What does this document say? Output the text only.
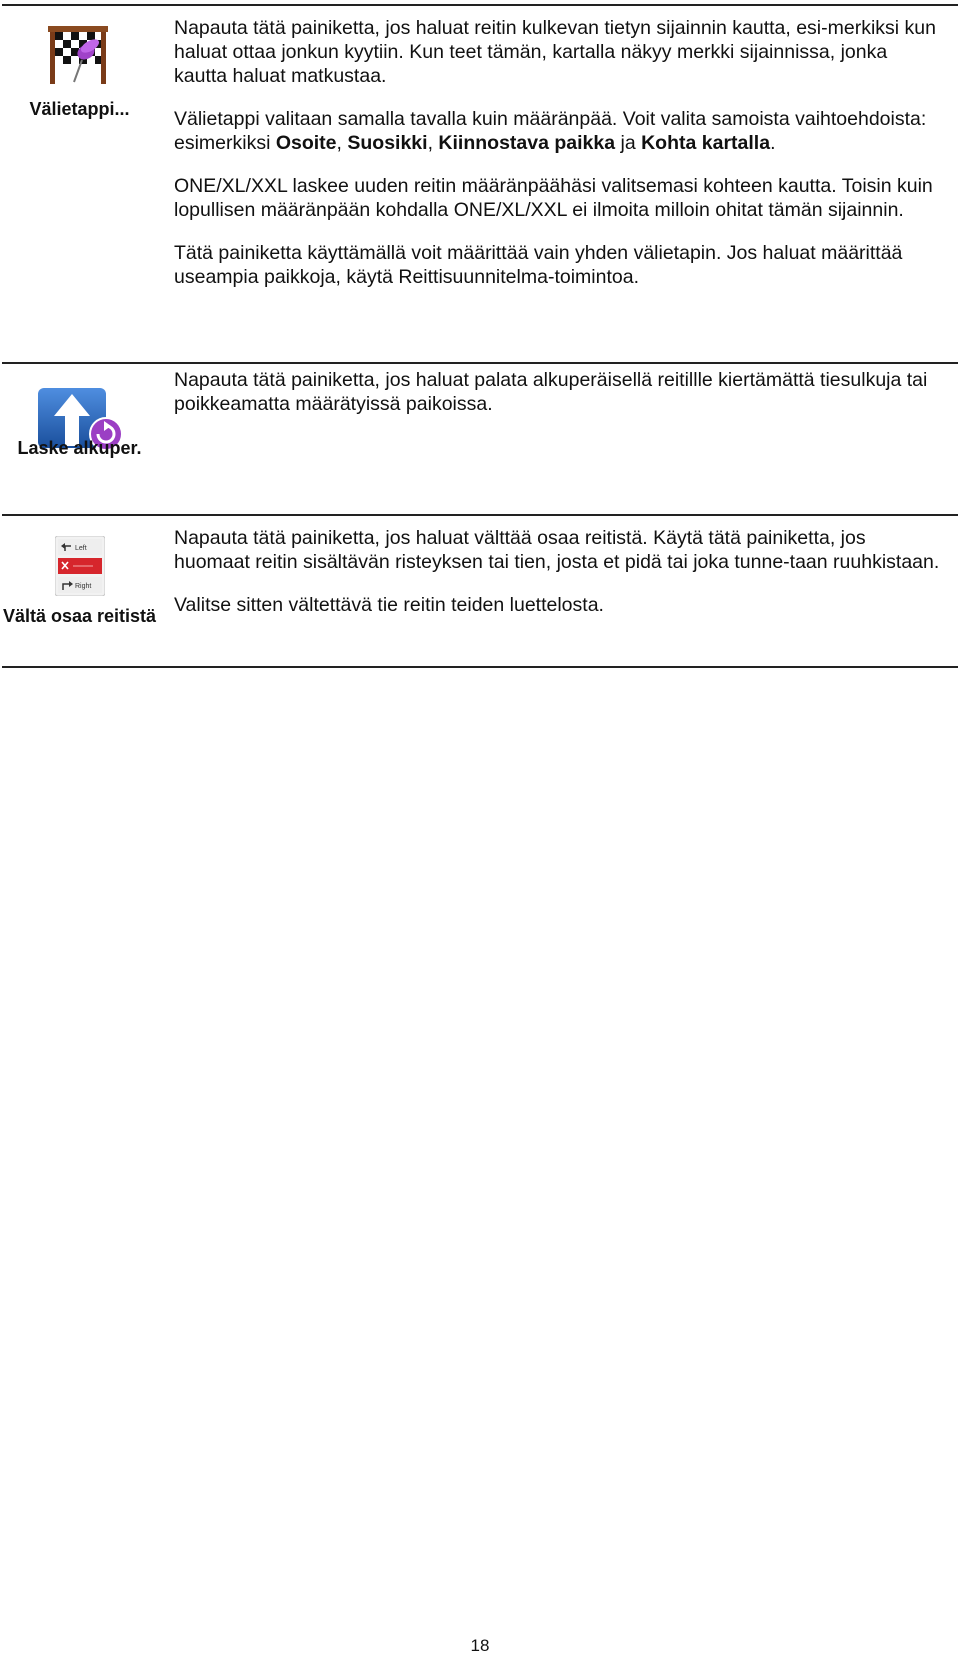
Välietappi...

Napauta tätä painiketta, jos haluat reitin kulkevan tietyn sijainnin kautta, esi-merkiksi kun haluat ottaa jonkun kyytiin. Kun teet tämän, kartalla näkyy merkki sijainnissa, jonka kautta haluat matkustaa.

Välietappi valitaan samalla tavalla kuin määränpää. Voit valita samoista vaihtoehdoista: esimerkiksi Osoite, Suosikki, Kiinnostava paikka ja Kohta kartalla.

ONE/XL/XXL laskee uuden reitin määränpäähäsi valitsemasi kohteen kautta. Toisin kuin lopullisen määränpään kohdalla ONE/XL/XXL ei ilmoita milloin ohitat tämän sijainnin.

Tätä painiketta käyttämällä voit määrittää vain yhden välietapin. Jos haluat määrittää useampia paikkoja, käytä Reittisuunnitelma-toimintoa.

Laske alkuper.

Napauta tätä painiketta, jos haluat palata alkuperäisellä reitillle kiertämättä tiesulkuja tai poikkeamatta määrätyissä paikoissa.

Left
Right
Vältä osaa reitistä

Napauta tätä painiketta, jos haluat välttää osaa reitistä. Käytä tätä painiketta, jos huomaat reitin sisältävän risteyksen tai tien, josta et pidä tai joka tunne-taan ruuhkistaan.

Valitse sitten vältettävä tie reitin teiden luettelosta.

18
